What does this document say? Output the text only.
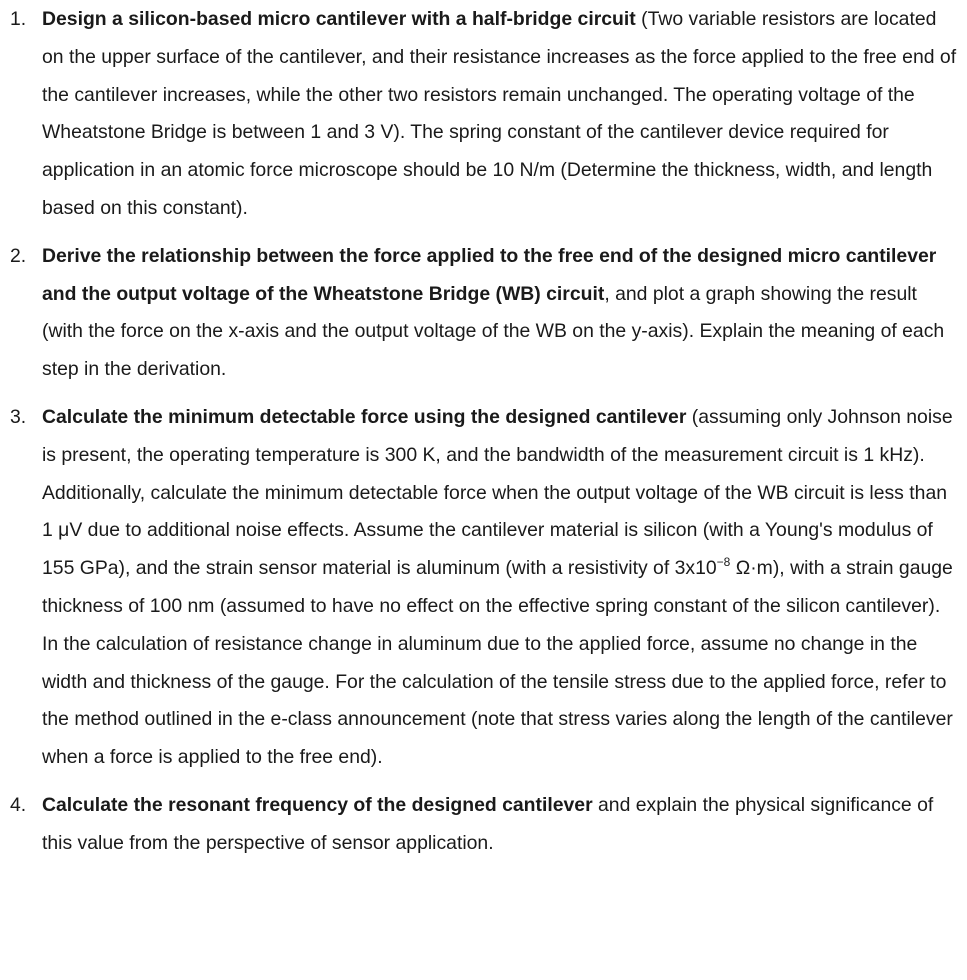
1. Design a silicon-based micro cantilever with a half-bridge circuit (Two variable resistors are located on the upper surface of the cantilever, and their resistance increases as the force applied to the free end of the cantilever increases, while the other two resistors remain unchanged. The operating voltage of the Wheatstone Bridge is between 1 and 3 V). The spring constant of the cantilever device required for application in an atomic force microscope should be 10 N/m (Determine the thickness, width, and length based on this constant).
2. Derive the relationship between the force applied to the free end of the designed micro cantilever and the output voltage of the Wheatstone Bridge (WB) circuit, and plot a graph showing the result (with the force on the x-axis and the output voltage of the WB on the y-axis). Explain the meaning of each step in the derivation.
3. Calculate the minimum detectable force using the designed cantilever (assuming only Johnson noise is present, the operating temperature is 300 K, and the bandwidth of the measurement circuit is 1 kHz). Additionally, calculate the minimum detectable force when the output voltage of the WB circuit is less than 1 μV due to additional noise effects. Assume the cantilever material is silicon (with a Young's modulus of 155 GPa), and the strain sensor material is aluminum (with a resistivity of $3x10^{-8}$ Ω·m), with a strain gauge thickness of 100 nm (assumed to have no effect on the effective spring constant of the silicon cantilever). In the calculation of resistance change in aluminum due to the applied force, assume no change in the width and thickness of the gauge. For the calculation of the tensile stress due to the applied force, refer to the method outlined in the e-class announcement (note that stress varies along the length of the cantilever when a force is applied to the free end).
4. Calculate the resonant frequency of the designed cantilever and explain the physical significance of this value from the perspective of sensor application.
